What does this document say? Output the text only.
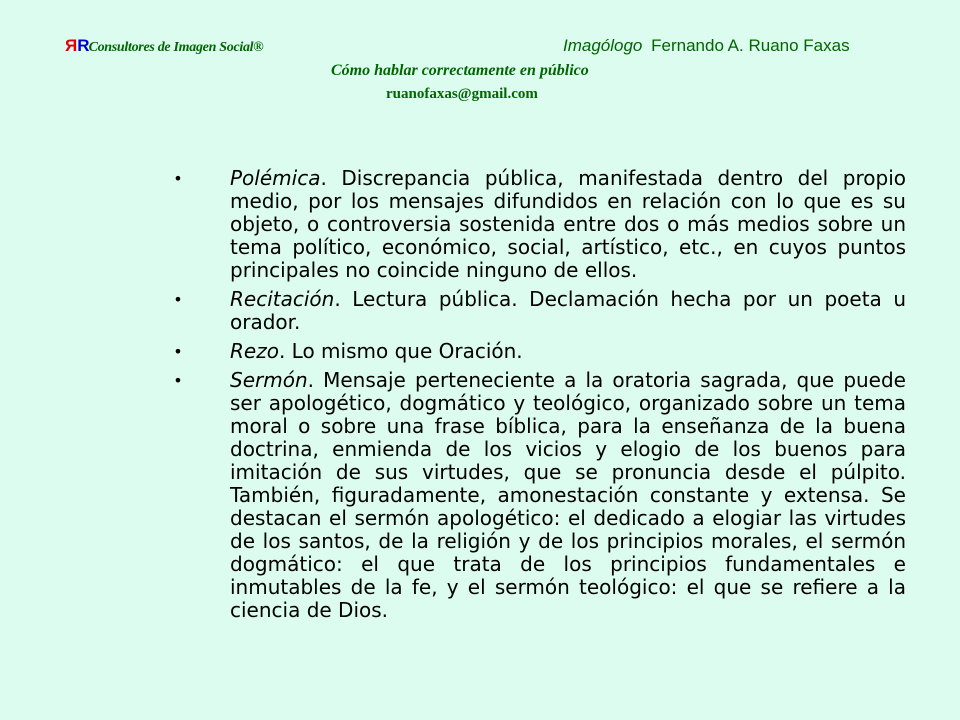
RRConsultores de Imagen Social®	Imagólogo Fernando A. Ruano Faxas
Cómo hablar correctamente en público
ruanofaxas@gmail.com
• Polémica. Discrepancia pública, manifestada dentro del propio medio, por los mensajes difundidos en relación con lo que es su objeto, o controversia sostenida entre dos o más medios sobre un tema político, económico, social, artístico, etc., en cuyos puntos principales no coincide ninguno de ellos.
• Recitación. Lectura pública. Declamación hecha por un poeta u orador.
• Rezo. Lo mismo que Oración.
• Sermón. Mensaje perteneciente a la oratoria sagrada, que puede ser apologético, dogmático y teológico, organizado sobre un tema moral o sobre una frase bíblica, para la enseñanza de la buena doctrina, enmienda de los vicios y elogio de los buenos para imitación de sus virtudes, que se pronuncia desde el púlpito. También, figuradamente, amonestación constante y extensa. Se destacan el sermón apologético: el dedicado a elogiar las virtudes de los santos, de la religión y de los principios morales, el sermón dogmático: el que trata de los principios fundamentales e inmutables de la fe, y el sermón teológico: el que se refiere a la ciencia de Dios.
